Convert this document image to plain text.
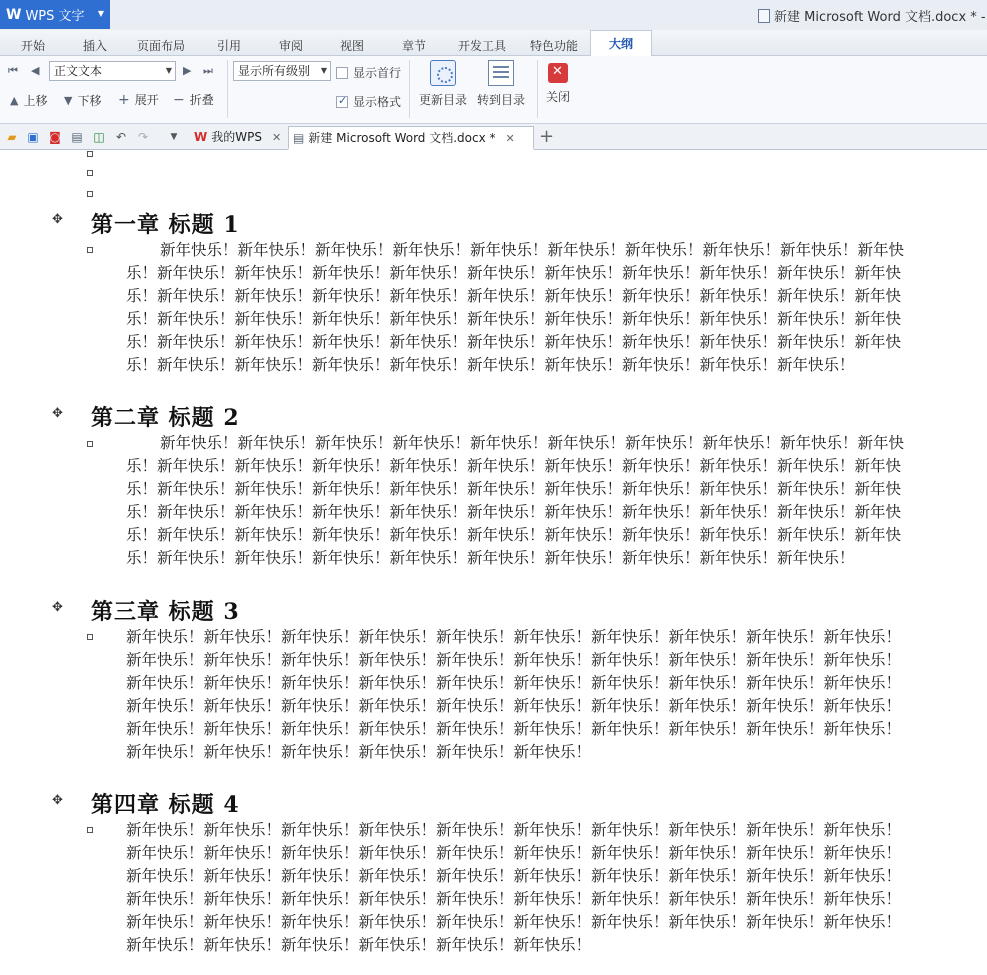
W WPS 文字 ▼	新建 Microsoft Word 文档.docx * -
开始	插入 页面布局	引用	审阅	视图	章节	开发工具 特色功能	大纲
⏮ ◀	正文文本	▼ ▶ ⏭
▲ 上移 ▼ 下移 + 展开 − 折叠
显示所有级别 ▼ 显示首行
✓
显示格式 更新目录 转到目录
✕ 关闭
▰ ▣ ◙ ▤ ◫ ↶ ↷	▼	W 我的WPS ✕ ▤ 新建 Microsoft Word 文档.docx * ✕	+
✥ 第一章 标题 1
新年快乐！新年快乐！新年快乐！新年快乐！新年快乐！新年快乐！新年快乐！新年快乐！新年快乐！新年快乐！新年快乐！新年快乐！新年快乐！新年快乐！新年快乐！新年快乐！新年快乐！新年快乐！新年快乐！新年快乐！新年快乐！新年快乐！新年快乐！新年快乐！新年快乐！新年快乐！新年快乐！新年快乐！新年快乐！新年快乐！新年快乐！新年快乐！新年快乐！新年快乐！新年快乐！新年快乐！新年快乐！新年快乐！新年快乐！新年快乐！新年快乐！新年快乐！新年快乐！新年快乐！新年快乐！新年快乐！新年快乐！新年快乐！新年快乐！新年快乐！新年快乐！新年快乐！新年快乐！新年快乐！新年快乐！新年快乐！新年快乐！新年快乐！新年快乐！
✥ 第二章 标题 2
新年快乐！新年快乐！新年快乐！新年快乐！新年快乐！新年快乐！新年快乐！新年快乐！新年快乐！新年快乐！新年快乐！新年快乐！新年快乐！新年快乐！新年快乐！新年快乐！新年快乐！新年快乐！新年快乐！新年快乐！新年快乐！新年快乐！新年快乐！新年快乐！新年快乐！新年快乐！新年快乐！新年快乐！新年快乐！新年快乐！新年快乐！新年快乐！新年快乐！新年快乐！新年快乐！新年快乐！新年快乐！新年快乐！新年快乐！新年快乐！新年快乐！新年快乐！新年快乐！新年快乐！新年快乐！新年快乐！新年快乐！新年快乐！新年快乐！新年快乐！新年快乐！新年快乐！新年快乐！新年快乐！新年快乐！新年快乐！新年快乐！新年快乐！新年快乐！
✥ 第三章 标题 3
新年快乐！新年快乐！新年快乐！新年快乐！新年快乐！新年快乐！新年快乐！新年快乐！新年快乐！新年快乐！新年快乐！新年快乐！新年快乐！新年快乐！新年快乐！新年快乐！新年快乐！新年快乐！新年快乐！新年快乐！新年快乐！新年快乐！新年快乐！新年快乐！新年快乐！新年快乐！新年快乐！新年快乐！新年快乐！新年快乐！新年快乐！新年快乐！新年快乐！新年快乐！新年快乐！新年快乐！新年快乐！新年快乐！新年快乐！新年快乐！新年快乐！新年快乐！新年快乐！新年快乐！新年快乐！新年快乐！新年快乐！新年快乐！新年快乐！新年快乐！新年快乐！新年快乐！新年快乐！新年快乐！新年快乐！新年快乐！
✥ 第四章 标题 4
新年快乐！新年快乐！新年快乐！新年快乐！新年快乐！新年快乐！新年快乐！新年快乐！新年快乐！新年快乐！新年快乐！新年快乐！新年快乐！新年快乐！新年快乐！新年快乐！新年快乐！新年快乐！新年快乐！新年快乐！新年快乐！新年快乐！新年快乐！新年快乐！新年快乐！新年快乐！新年快乐！新年快乐！新年快乐！新年快乐！新年快乐！新年快乐！新年快乐！新年快乐！新年快乐！新年快乐！新年快乐！新年快乐！新年快乐！新年快乐！新年快乐！新年快乐！新年快乐！新年快乐！新年快乐！新年快乐！新年快乐！新年快乐！新年快乐！新年快乐！新年快乐！新年快乐！新年快乐！新年快乐！新年快乐！新年快乐！
